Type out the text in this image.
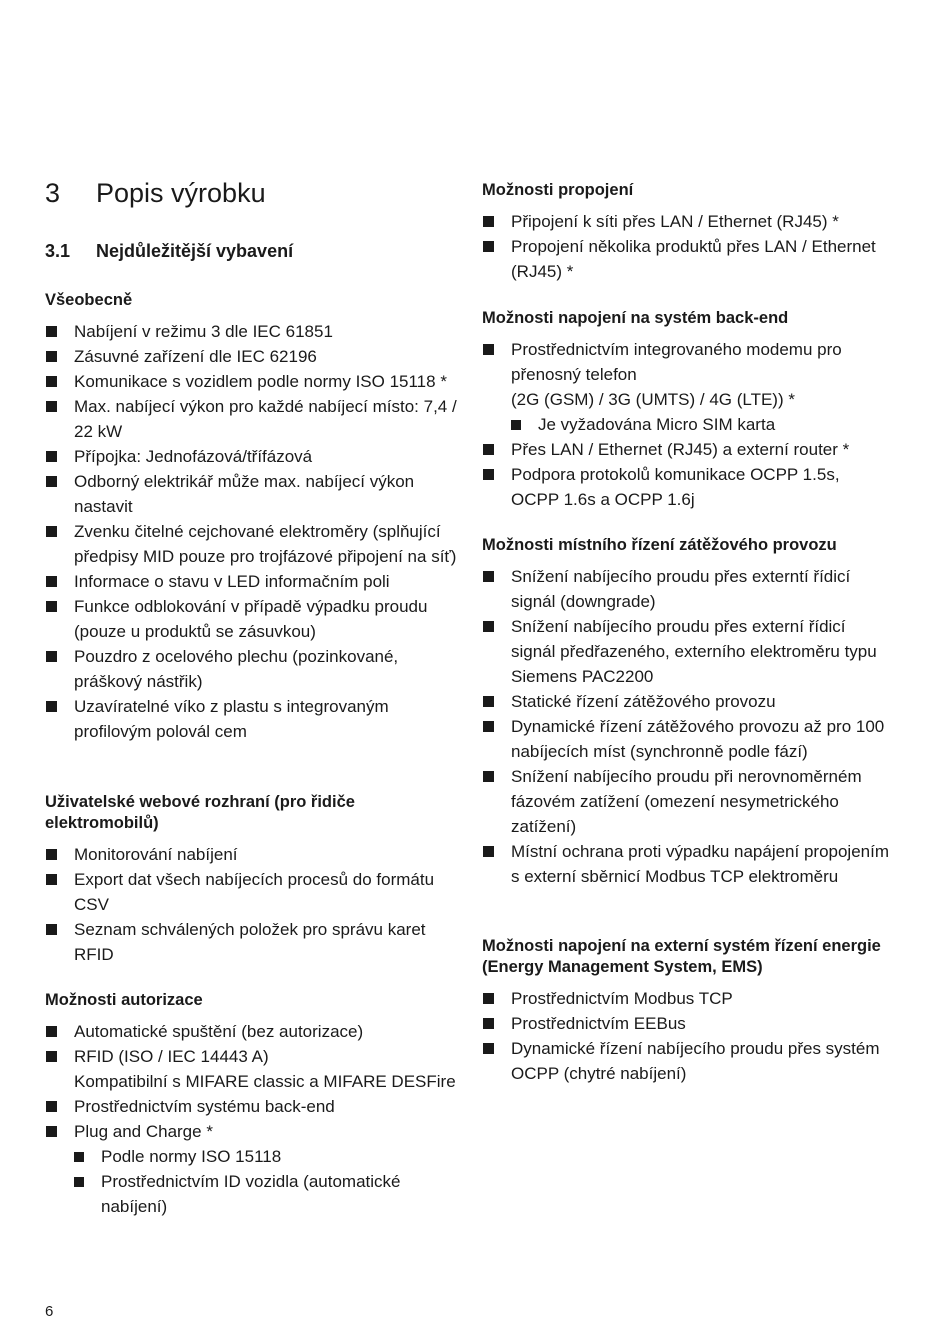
3 Popis výrobku
3.1 Nejdůležitější vybavení
Všeobecně
Nabíjení v režimu 3 dle IEC 61851
Zásuvné zařízení dle IEC 62196
Komunikace s vozidlem podle normy ISO 15118 *
Max. nabíjecí výkon pro každé nabíjecí místo: 7,4 / 22 kW
Přípojka: Jednofázová/třífázová
Odborný elektrikář může max. nabíjecí výkon nastavit
Zvenku čitelné cejchované elektroměry (splňující předpisy MID pouze pro trojfázové připojení na síť)
Informace o stavu v LED informačním poli
Funkce odblokování v případě výpadku proudu (pouze u produktů se zásuvkou)
Pouzdro z ocelového plechu (pozinkované, práškový nástřik)
Uzavíratelné víko z plastu s integrovaným profilovým polovál cem
Uživatelské webové rozhraní (pro řidiče elektromobilů)
Monitorování nabíjení
Export dat všech nabíjecích procesů do formátu CSV
Seznam schválených položek pro správu karet RFID
Možnosti autorizace
Automatické spuštění (bez autorizace)
RFID (ISO / IEC 14443 A)
Kompatibilní s MIFARE classic a MIFARE DESFire
Prostřednictvím systému back-end
Plug and Charge *
Podle normy ISO 15118
Prostřednictvím ID vozidla (automatické nabíjení)
Možnosti propojení
Připojení k síti přes LAN / Ethernet (RJ45) *
Propojení několika produktů přes LAN / Ethernet (RJ45) *
Možnosti napojení na systém back-end
Prostřednictvím integrovaného modemu pro přenosný telefon
(2G (GSM) / 3G (UMTS) / 4G (LTE)) *
Je vyžadována Micro SIM karta
Přes LAN / Ethernet (RJ45) a externí router *
Podpora protokolů komunikace OCPP 1.5s, OCPP 1.6s a OCPP 1.6j
Možnosti místního řízení zátěžového provozu
Snížení nabíjecího proudu přes externtí řídicí signál (downgrade)
Snížení nabíjecího proudu přes externí řídicí signál předřazeného, externího elektroměru typu Siemens PAC2200
Statické řízení zátěžového provozu
Dynamické řízení zátěžového provozu až pro 100 nabíjecích míst (synchronně podle fází)
Snížení nabíjecího proudu při nerovnoměrném fázovém zatížení (omezení nesymetrického zatížení)
Místní ochrana proti výpadku napájení propojením s externí sběrnicí Modbus TCP elektroměru
Možnosti napojení na externí systém řízení energie (Energy Management System, EMS)
Prostřednictvím Modbus TCP
Prostřednictvím EEBus
Dynamické řízení nabíjecího proudu přes systém OCPP (chytré nabíjení)
6
